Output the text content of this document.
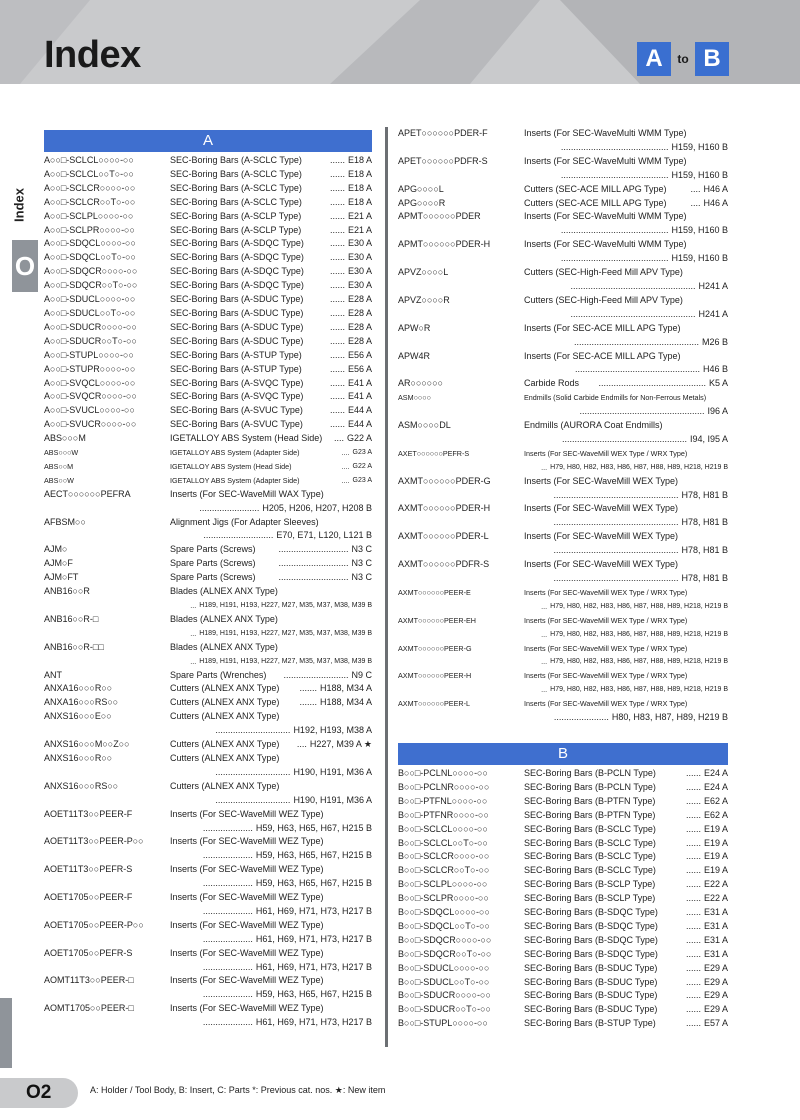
Index	A	to B
Index
O
A
A○○□-SCLCL○○○○-○○	SEC-Boring Bars (A-SCLC Type)	...... E18 A
A○○□-SCLCL○○T○-○○	SEC-Boring Bars (A-SCLC Type)	...... E18 A
A○○□-SCLCR○○○○-○○	SEC-Boring Bars (A-SCLC Type)	...... E18 A
A○○□-SCLCR○○T○-○○	SEC-Boring Bars (A-SCLC Type)	...... E18 A
A○○□-SCLPL○○○○-○○	SEC-Boring Bars (A-SCLP Type)	...... E21 A
A○○□-SCLPR○○○○-○○	SEC-Boring Bars (A-SCLP Type)	...... E21 A
A○○□-SDQCL○○○○-○○	SEC-Boring Bars (A-SDQC Type)	...... E30 A
A○○□-SDQCL○○T○-○○	SEC-Boring Bars (A-SDQC Type)	...... E30 A
A○○□-SDQCR○○○○-○○	SEC-Boring Bars (A-SDQC Type)	...... E30 A
A○○□-SDQCR○○T○-○○	SEC-Boring Bars (A-SDQC Type)	...... E30 A
A○○□-SDUCL○○○○-○○	SEC-Boring Bars (A-SDUC Type)	...... E28 A
A○○□-SDUCL○○T○-○○	SEC-Boring Bars (A-SDUC Type)	...... E28 A
A○○□-SDUCR○○○○-○○	SEC-Boring Bars (A-SDUC Type)	...... E28 A
A○○□-SDUCR○○T○-○○	SEC-Boring Bars (A-SDUC Type)	...... E28 A
A○○□-STUPL○○○○-○○	SEC-Boring Bars (A-STUP Type)	...... E56 A
A○○□-STUPR○○○○-○○	SEC-Boring Bars (A-STUP Type)	...... E56 A
A○○□-SVQCL○○○○-○○	SEC-Boring Bars (A-SVQC Type)	...... E41 A
A○○□-SVQCR○○○○-○○	SEC-Boring Bars (A-SVQC Type)	...... E41 A
A○○□-SVUCL○○○○-○○	SEC-Boring Bars (A-SVUC Type)	...... E44 A
A○○□-SVUCR○○○○-○○	SEC-Boring Bars (A-SVUC Type)	...... E44 A
ABS○○○M	IGETALLOY ABS System (Head Side)	.... G22 A
ABS○○○W	IGETALLOY ABS System (Adapter Side)	.... G23 A
ABS○○M	IGETALLOY ABS System (Head Side)	.... G22 A
ABS○○W	IGETALLOY ABS System (Adapter Side)	.... G23 A
AECT○○○○○○PEFRA	Inserts (For SEC-WaveMill WAX Type)
........................ H205, H206, H207, H208 B
AFBSM○○	Alignment Jigs (For Adapter Sleeves)
............................ E70, E71, L120, L121 B
AJM○	Spare Parts (Screws)	............................ N3 C
AJM○F	Spare Parts (Screws)	............................ N3 C
AJM○FT	Spare Parts (Screws)	............................ N3 C
ANB16○○R	Blades (ALNEX ANX Type)
... H189, H191, H193, H227, M27, M35, M37, M38, M39 B
ANB16○○R-□	Blades (ALNEX ANX Type)
... H189, H191, H193, H227, M27, M35, M37, M38, M39 B
ANB16○○R-□□	Blades (ALNEX ANX Type)
... H189, H191, H193, H227, M27, M35, M37, M38, M39 B
ANT	Spare Parts (Wrenches)	.......................... N9 C
ANXA16○○○R○○	Cutters (ALNEX ANX Type)	....... H188, M34 A
ANXA16○○○RS○○	Cutters (ALNEX ANX Type)	....... H188, M34 A
ANXS16○○○E○○	Cutters (ALNEX ANX Type)
.............................. H192, H193, M38 A
ANXS16○○○M○○Z○○	Cutters (ALNEX ANX Type)	.... H227, M39 A ★
ANXS16○○○R○○	Cutters (ALNEX ANX Type)
.............................. H190, H191, M36 A
ANXS16○○○RS○○	Cutters (ALNEX ANX Type)
.............................. H190, H191, M36 A
AOET11T3○○PEER-F	Inserts (For SEC-WaveMill WEZ Type)
.................... H59, H63, H65, H67, H215 B
AOET11T3○○PEER-P○○	Inserts (For SEC-WaveMill WEZ Type)
.................... H59, H63, H65, H67, H215 B
AOET11T3○○PEFR-S	Inserts (For SEC-WaveMill WEZ Type)
.................... H59, H63, H65, H67, H215 B
AOET1705○○PEER-F	Inserts (For SEC-WaveMill WEZ Type)
.................... H61, H69, H71, H73, H217 B
AOET1705○○PEER-P○○	Inserts (For SEC-WaveMill WEZ Type)
.................... H61, H69, H71, H73, H217 B
AOET1705○○PEFR-S	Inserts (For SEC-WaveMill WEZ Type)
.................... H61, H69, H71, H73, H217 B
AOMT11T3○○PEER-□	Inserts (For SEC-WaveMill WEZ Type)
.................... H59, H63, H65, H67, H215 B
AOMT1705○○PEER-□	Inserts (For SEC-WaveMill WEZ Type)
.................... H61, H69, H71, H73, H217 B
APET○○○○○○PDER-F	Inserts (For SEC-WaveMulti WMM Type)
........................................... H159, H160 B
APET○○○○○○PDFR-S	Inserts (For SEC-WaveMulti WMM Type)
........................................... H159, H160 B
APG○○○○L	Cutters (SEC-ACE MILL APG Type)	.... H46 A
APG○○○○R	Cutters (SEC-ACE MILL APG Type)	.... H46 A
APMT○○○○○○PDER	Inserts (For SEC-WaveMulti WMM Type)
........................................... H159, H160 B
APMT○○○○○○PDER-H	Inserts (For SEC-WaveMulti WMM Type)
........................................... H159, H160 B
APVZ○○○○L	Cutters (SEC-High-Feed Mill APV Type)
.................................................. H241 A
APVZ○○○○R	Cutters (SEC-High-Feed Mill APV Type)
.................................................. H241 A
APW○R	Inserts (For SEC-ACE MILL APG Type)
.................................................. M26 B
APW4R	Inserts (For SEC-ACE MILL APG Type)
.................................................. H46 B
AR○○○○○○	Carbide Rods	........................................... K5 A
ASM○○○○	Endmills (Solid Carbide Endmills for Non-Ferrous Metals)
.................................................. I96 A
ASM○○○○DL	Endmills (AURORA Coat Endmills)
.................................................. I94, I95 A
AXET○○○○○○PEFR-S	Inserts (For SEC-WaveMill WEX Type / WRX Type)
... H79, H80, H82, H83, H86, H87, H88, H89, H218, H219 B
AXMT○○○○○○PDER-G	Inserts (For SEC-WaveMill WEX Type)
.................................................. H78, H81 B
AXMT○○○○○○PDER-H	Inserts (For SEC-WaveMill WEX Type)
.................................................. H78, H81 B
AXMT○○○○○○PDER-L	Inserts (For SEC-WaveMill WEX Type)
.................................................. H78, H81 B
AXMT○○○○○○PDFR-S	Inserts (For SEC-WaveMill WEX Type)
.................................................. H78, H81 B
AXMT○○○○○○PEER-E	Inserts (For SEC-WaveMill WEX Type / WRX Type)
... H79, H80, H82, H83, H86, H87, H88, H89, H218, H219 B
AXMT○○○○○○PEER-EH	Inserts (For SEC-WaveMill WEX Type / WRX Type)
... H79, H80, H82, H83, H86, H87, H88, H89, H218, H219 B
AXMT○○○○○○PEER-G	Inserts (For SEC-WaveMill WEX Type / WRX Type)
... H79, H80, H82, H83, H86, H87, H88, H89, H218, H219 B
AXMT○○○○○○PEER-H	Inserts (For SEC-WaveMill WEX Type / WRX Type)
... H79, H80, H82, H83, H86, H87, H88, H89, H218, H219 B
AXMT○○○○○○PEER-L	Inserts (For SEC-WaveMill WEX Type / WRX Type)
...................... H80, H83, H87, H89, H219 B
B
B○○□-PCLNL○○○○-○○	SEC-Boring Bars (B-PCLN Type)	...... E24 A
B○○□-PCLNR○○○○-○○	SEC-Boring Bars (B-PCLN Type)	...... E24 A
B○○□-PTFNL○○○○-○○	SEC-Boring Bars (B-PTFN Type)	...... E62 A
B○○□-PTFNR○○○○-○○	SEC-Boring Bars (B-PTFN Type)	...... E62 A
B○○□-SCLCL○○○○-○○	SEC-Boring Bars (B-SCLC Type)	...... E19 A
B○○□-SCLCL○○T○-○○	SEC-Boring Bars (B-SCLC Type)	...... E19 A
B○○□-SCLCR○○○○-○○	SEC-Boring Bars (B-SCLC Type)	...... E19 A
B○○□-SCLCR○○T○-○○	SEC-Boring Bars (B-SCLC Type)	...... E19 A
B○○□-SCLPL○○○○-○○	SEC-Boring Bars (B-SCLP Type)	...... E22 A
B○○□-SCLPR○○○○-○○	SEC-Boring Bars (B-SCLP Type)	...... E22 A
B○○□-SDQCL○○○○-○○	SEC-Boring Bars (B-SDQC Type)	...... E31 A
B○○□-SDQCL○○T○-○○	SEC-Boring Bars (B-SDQC Type)	...... E31 A
B○○□-SDQCR○○○○-○○	SEC-Boring Bars (B-SDQC Type)	...... E31 A
B○○□-SDQCR○○T○-○○	SEC-Boring Bars (B-SDQC Type)	...... E31 A
B○○□-SDUCL○○○○-○○	SEC-Boring Bars (B-SDUC Type)	...... E29 A
B○○□-SDUCL○○T○-○○	SEC-Boring Bars (B-SDUC Type)	...... E29 A
B○○□-SDUCR○○○○-○○	SEC-Boring Bars (B-SDUC Type)	...... E29 A
B○○□-SDUCR○○T○-○○	SEC-Boring Bars (B-SDUC Type)	...... E29 A
B○○□-STUPL○○○○-○○	SEC-Boring Bars (B-STUP Type)	...... E57 A
O2	A: Holder / Tool Body, B: Insert, C: Parts *: Previous cat. nos. ★: New item
